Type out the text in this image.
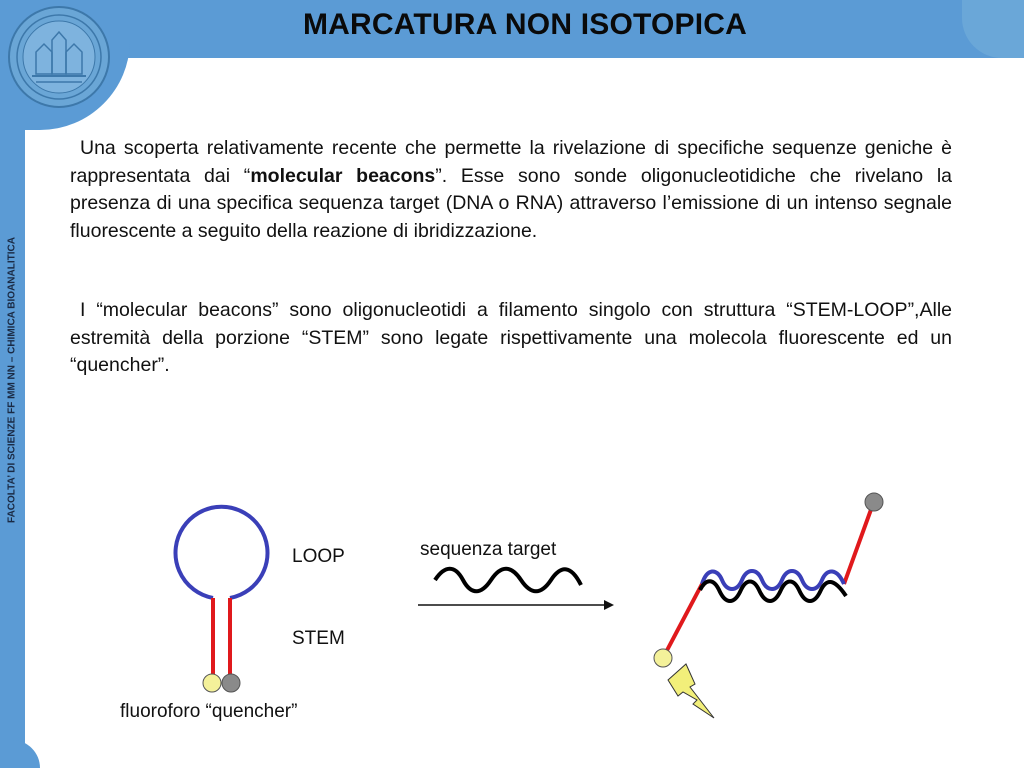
MARCATURA NON ISOTOPICA
FACOLTA’ DI SCIENZE FF MM NN – CHIMICA BIOANALITICA
Una scoperta relativamente recente che permette la rivelazione di specifiche sequenze geniche è rappresentata dai “molecular beacons”. Esse sono sonde oligonucleotidiche che rivelano la presenza di una specifica sequenza target (DNA o RNA) attraverso l’emissione di un intenso segnale fluorescente a seguito della reazione di ibridizzazione.
I “molecular beacons” sono oligonucleotidi a filamento singolo con struttura “STEM-LOOP”,Alle estremità della porzione “STEM” sono legate rispettivamente una molecola fluorescente ed un “quencher”.
LOOP
STEM
sequenza target
fluoroforo “quencher”
